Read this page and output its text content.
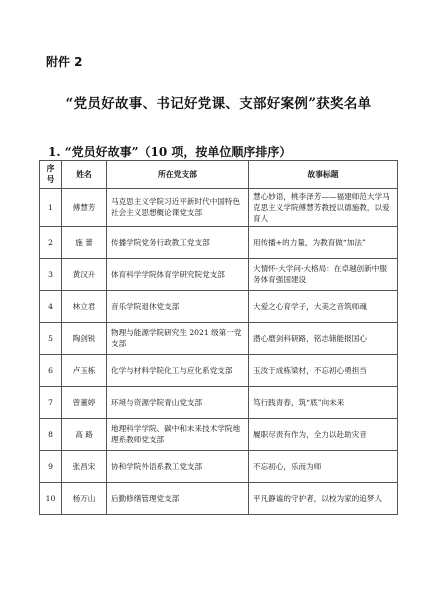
附件 2
“党员好故事、书记好党课、支部好案例”获奖名单
1. “党员好故事”（10 项，按单位顺序排序）
序号	姓名	所在党支部	故事标题
1	傅慧芳	马克思主义学院习近平新时代中国特色社会主义思想概论课党支部	慧心妙语，桃李泽芳——福建师范大学马克思主义学院傅慧芳教授以德施教，以爱育人
2	施 蕾	传播学院党务行政教工党支部	用传播+的力量，为教育做“加法”
3	黄汉升	体育科学学院体育学研究院党支部	大情怀·大学问·大格局：在卓越创新中服务体育强国建设
4	林立君	音乐学院退休党支部	大爱之心育学子，大美之音筑师魂
5	陶剑锐	物理与能源学院研究生 2021 级第一党支部	潜心磨剑科研路，铭志储能报国心
6	卢玉栋	化学与材料学院化工与应化系党支部	玉汝于成栋梁材，不忘初心勇担当
7	曾董婷	环境与资源学院青山党支部	笃行践青春，筑“底”向未来
8	高 路	地理科学学院、碳中和未来技术学院地理系教师党支部	履职尽责有作为，全力以赴助灾音
9	张昌宋	协和学院外语系教工党支部	不忘初心，乐而为师
10	杨万山	后勤修缮管理党支部	平凡静谧的守护者，以校为家的追梦人
